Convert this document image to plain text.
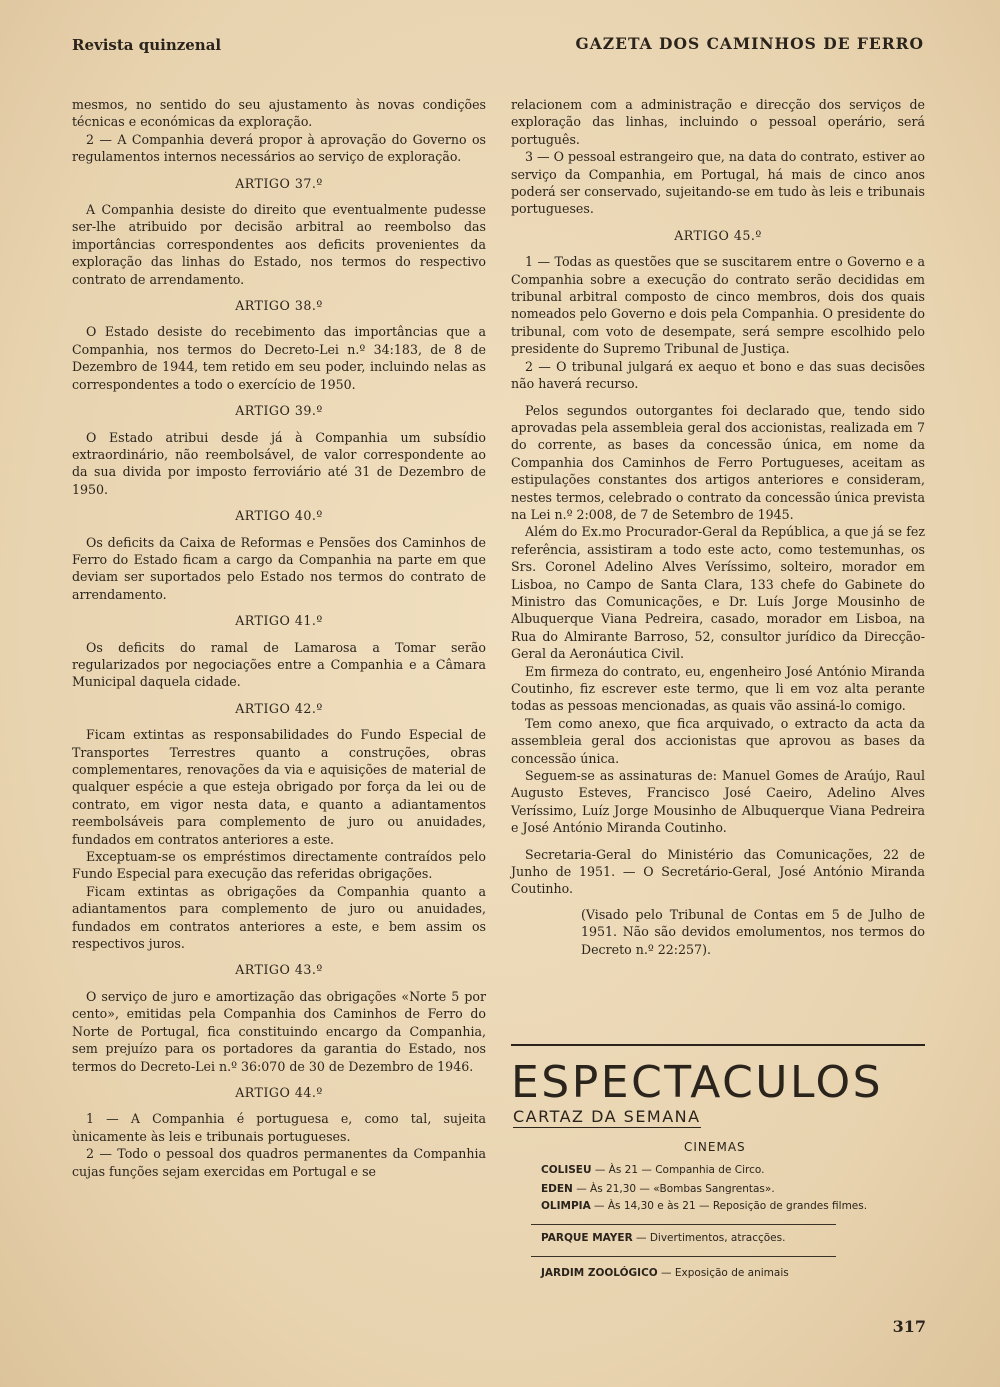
Revista quinzenal	GAZETA DOS CAMINHOS DE FERRO

mesmos, no sentido do seu ajustamento às novas condições técnicas e económicas da exploração.

2 — A Companhia deverá propor à aprovação do Governo os regulamentos internos necessários ao serviço de exploração.

ARTIGO 37.º

A Companhia desiste do direito que eventualmente pudesse ser-lhe atribuido por decisão arbitral ao reembolso das importâncias correspondentes aos deficits provenientes da exploração das linhas do Estado, nos termos do respectivo contrato de arrendamento.

ARTIGO 38.º

O Estado desiste do recebimento das importâncias que a Companhia, nos termos do Decreto-Lei n.º 34:183, de 8 de Dezembro de 1944, tem retido em seu poder, incluindo nelas as correspondentes a todo o exercício de 1950.

ARTIGO 39.º

O Estado atribui desde já à Companhia um subsídio extraordinário, não reembolsável, de valor correspondente ao da sua divida por imposto ferroviário até 31 de Dezembro de 1950.

ARTIGO 40.º

Os deficits da Caixa de Reformas e Pensões dos Caminhos de Ferro do Estado ficam a cargo da Companhia na parte em que deviam ser suportados pelo Estado nos termos do contrato de arrendamento.

ARTIGO 41.º

Os deficits do ramal de Lamarosa a Tomar serão regularizados por negociações entre a Companhia e a Câmara Municipal daquela cidade.

ARTIGO 42.º

Ficam extintas as responsabilidades do Fundo Especial de Transportes Terrestres quanto a construções, obras complementares, renovações da via e aquisições de material de qualquer espécie a que esteja obrigado por força da lei ou de contrato, em vigor nesta data, e quanto a adiantamentos reembolsáveis para complemento de juro ou anuidades, fundados em contratos anteriores a este.

Exceptuam-se os empréstimos directamente contraídos pelo Fundo Especial para execução das referidas obrigações.

Ficam extintas as obrigações da Companhia quanto a adiantamentos para complemento de juro ou anuidades, fundados em contratos anteriores a este, e bem assim os respectivos juros.

ARTIGO 43.º

O serviço de juro e amortização das obrigações «Norte 5 por cento», emitidas pela Companhia dos Caminhos de Ferro do Norte de Portugal, fica constituindo encargo da Companhia, sem prejuízo para os portadores da garantia do Estado, nos termos do Decreto-Lei n.º 36:070 de 30 de Dezembro de 1946.

ARTIGO 44.º

1 — A Companhia é portuguesa e, como tal, sujeita ùnicamente às leis e tribunais portugueses.

2 — Todo o pessoal dos quadros permanentes da Companhia cujas funções sejam exercidas em Portugal e se

relacionem com a administração e direcção dos serviços de exploração das linhas, incluindo o pessoal operário, será português.

3 — O pessoal estrangeiro que, na data do contrato, estiver ao serviço da Companhia, em Portugal, há mais de cinco anos poderá ser conservado, sujeitando-se em tudo às leis e tribunais portugueses.

ARTIGO 45.º

1 — Todas as questões que se suscitarem entre o Governo e a Companhia sobre a execução do contrato serão decididas em tribunal arbitral composto de cinco membros, dois dos quais nomeados pelo Governo e dois pela Companhia. O presidente do tribunal, com voto de desempate, será sempre escolhido pelo presidente do Supremo Tribunal de Justiça.

2 — O tribunal julgará ex aequo et bono e das suas decisões não haverá recurso.

Pelos segundos outorgantes foi declarado que, tendo sido aprovadas pela assembleia geral dos accionistas, realizada em 7 do corrente, as bases da concessão única, em nome da Companhia dos Caminhos de Ferro Portugueses, aceitam as estipulações constantes dos artigos anteriores e consideram, nestes termos, celebrado o contrato da concessão única prevista na Lei n.º 2:008, de 7 de Setembro de 1945.

Além do Ex.mo Procurador-Geral da República, a que já se fez referência, assistiram a todo este acto, como testemunhas, os Srs. Coronel Adelino Alves Veríssimo, solteiro, morador em Lisboa, no Campo de Santa Clara, 133 chefe do Gabinete do Ministro das Comunicações, e Dr. Luís Jorge Mousinho de Albuquerque Viana Pedreira, casado, morador em Lisboa, na Rua do Almirante Barroso, 52, consultor jurídico da Direcção-Geral da Aeronáutica Civil.

Em firmeza do contrato, eu, engenheiro José António Miranda Coutinho, fiz escrever este termo, que li em voz alta perante todas as pessoas mencionadas, as quais vão assiná-lo comigo.

Tem como anexo, que fica arquivado, o extracto da acta da assembleia geral dos accionistas que aprovou as bases da concessão única.

Seguem-se as assinaturas de: Manuel Gomes de Araújo, Raul Augusto Esteves, Francisco José Caeiro, Adelino Alves Veríssimo, Luíz Jorge Mousinho de Albuquerque Viana Pedreira e José António Miranda Coutinho.

Secretaria-Geral do Ministério das Comunicações, 22 de Junho de 1951. — O Secretário-Geral, José António Miranda Coutinho.

(Visado pelo Tribunal de Contas em 5 de Julho de 1951. Não são devidos emolumentos, nos termos do Decreto n.º 22:257).

ESPECTACULOS
CARTAZ DA SEMANA
CINEMAS
COLISEU — Às 21 — Companhia de Circo.
EDEN — Às 21,30 — «Bombas Sangrentas».
OLIMPIA — Às 14,30 e às 21 — Reposição de grandes filmes.
PARQUE MAYER — Divertimentos, atracções.
JARDIM ZOOLÓGICO — Exposição de animais
317
